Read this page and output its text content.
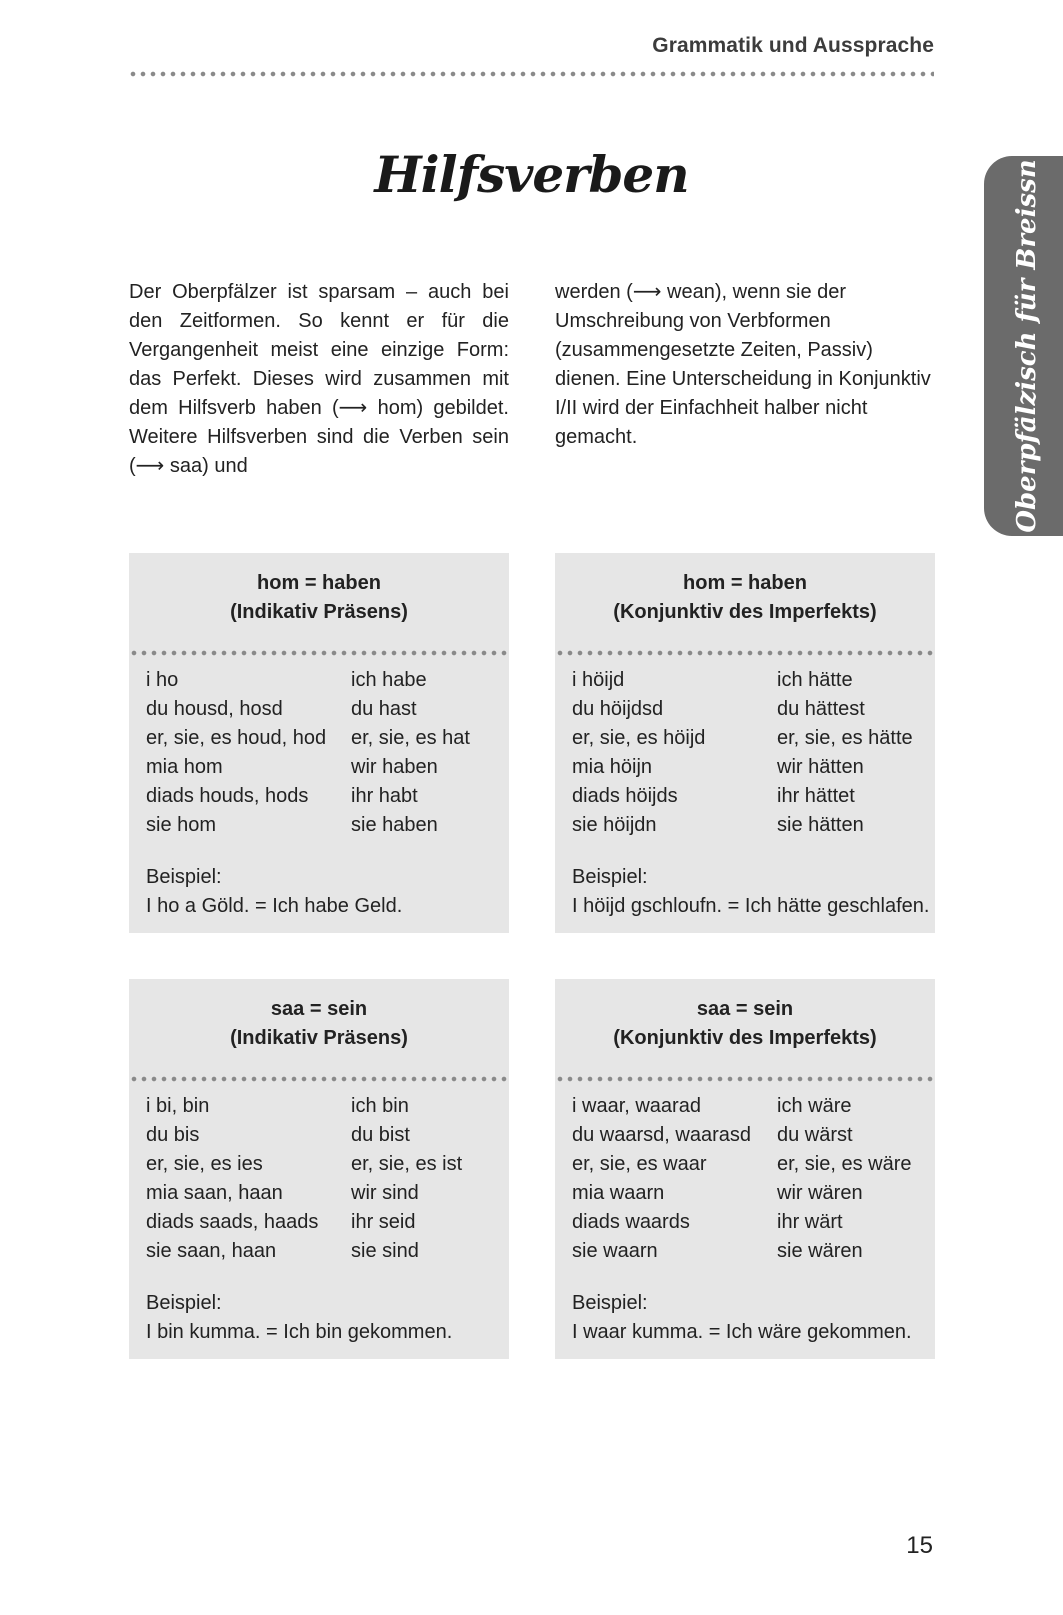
Grammatik und Aussprache
Oberpfälzisch für Breissn
Hilfsverben

Der Oberpfälzer ist sparsam – auch bei den Zeitformen. So kennt er für die Vergangenheit meist eine einzige Form: das Perfekt. Dieses wird zusammen mit dem Hilfsverb haben (⟶ hom) gebildet. Weitere Hilfsverben sind die Verben sein (⟶ saa) und

werden (⟶ wean), wenn sie der Umschreibung von Verbformen (zusammengesetzte Zeiten, Passiv) dienen. Eine Unterscheidung in Konjunktiv I/II wird der Einfachheit halber nicht gemacht.

hom = haben
(Indikativ Präsens)
i ho	ich habe
du housd, hosd	du hast
er, sie, es houd, hod	er, sie, es hat
mia hom	wir haben
diads houds, hods	ihr habt
sie hom	sie haben
Beispiel:
I ho a Göld. = Ich habe Geld.
hom = haben
(Konjunktiv des Imperfekts)
i höijd	ich hätte
du höijdsd	du hättest
er, sie, es höijd	er, sie, es hätte
mia höijn	wir hätten
diads höijds	ihr hättet
sie höijdn	sie hätten
Beispiel:
I höijd gschloufn. = Ich hätte geschlafen.
saa = sein
(Indikativ Präsens)
i bi, bin	ich bin
du bis	du bist
er, sie, es ies	er, sie, es ist
mia saan, haan	wir sind
diads saads, haads	ihr seid
sie saan, haan	sie sind
Beispiel:
I bin kumma. = Ich bin gekommen.
saa = sein
(Konjunktiv des Imperfekts)
i waar, waarad	ich wäre
du waarsd, waarasd	du wärst
er, sie, es waar	er, sie, es wäre
mia waarn	wir wären
diads waards	ihr wärt
sie waarn	sie wären
Beispiel:
I waar kumma. = Ich wäre gekommen.
15
